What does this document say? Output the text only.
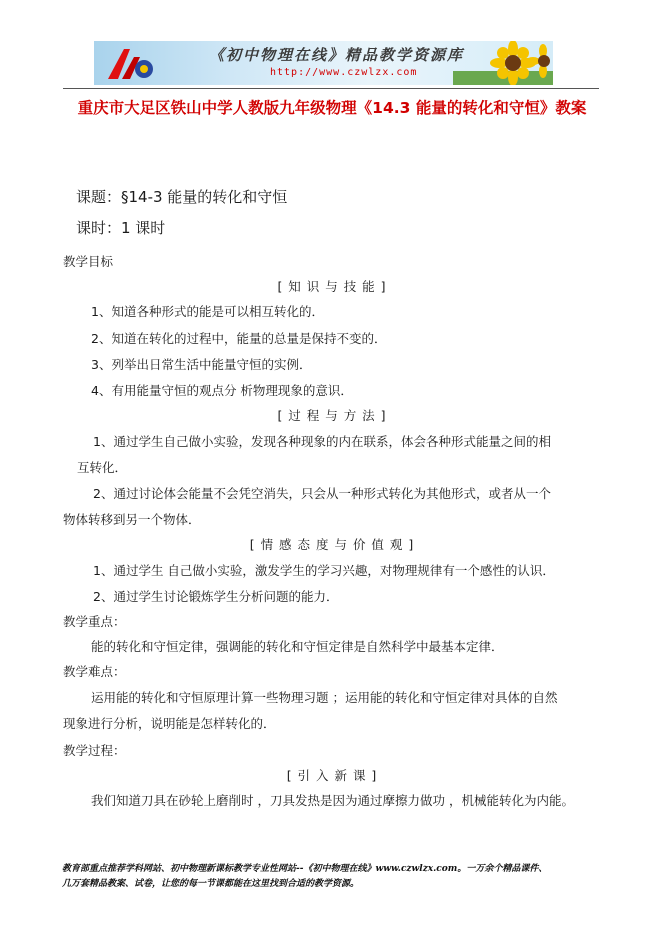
《初中物理在线》精品教学资源库
http://www.czwlzx.com
重庆市大足区铁山中学人教版九年级物理《14.3 能量的转化和守恒》教案
课题：§14-3 能量的转化和守恒
课时：1 课时
教学目标
[ 知 识 与 技 能 ]
1、知道各种形式的能是可以相互转化的．
2、知道在转化的过程中，能量的总量是保持不变的．
3、列举出日常生活中能量守恒的实例．
4、有用能量守恒的观点分 析物理现象的意识．
[ 过 程 与 方 法 ]
1、通过学生自己做小实验，发现各种现象的内在联系，体会各种形式能量之间的相
互转化．
2、通过讨论体会能量不会凭空消失，只会从一种形式转化为其他形式，或者从一个
物体转移到另一个物体．
[ 情 感 态 度 与 价 值 观 ]
1、通过学生 自己做小实验，激发学生的学习兴趣，对物理规律有一个感性的认识．
2、通过学生讨论锻炼学生分析问题的能力．
教学重点：
能的转化和守恒定律，强调能的转化和守恒定律是自然科学中最基本定律．
教学难点：
运用能的转化和守恒原理计算一些物理习题 ；运用能的转化和守恒定律对具体的自然
现象进行分析，说明能是怎样转化的．
教学过程：
[ 引 入 新 课 ]
我们知道刀具在砂轮上磨削时 ，刀具发热是因为通过摩擦力做功 ，机械能转化为内能。
教育部重点推荐学科网站、初中物理新课标教学专业性网站--《初中物理在线》www.czwlzx.com。一万余个精品课件、
几万套精品教案、试卷，让您的每一节课都能在这里找到合适的教学资源。
